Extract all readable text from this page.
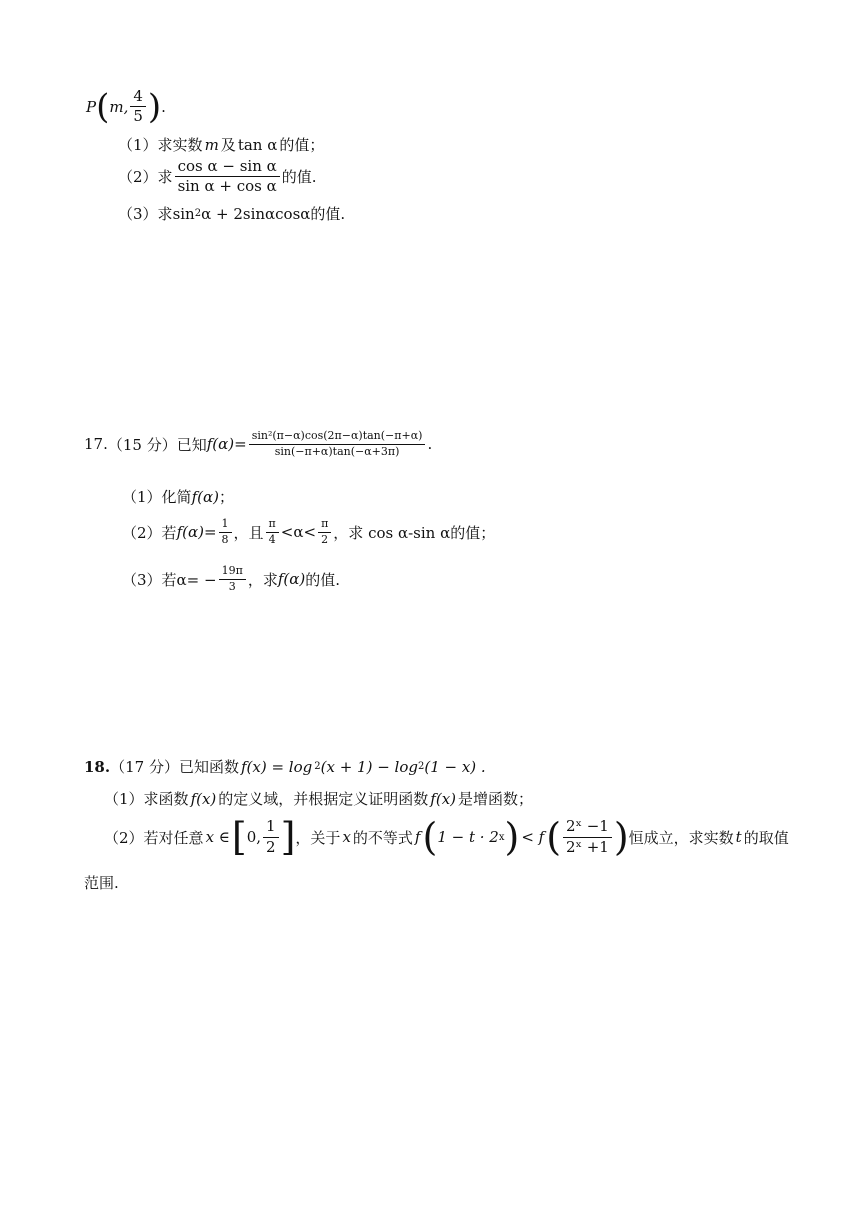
P ( m, $\frac{4}{5}$ ) .
（1） 求实数 m 及 tan α 的值；
（2） 求 $\frac{\text{cos α − sin α}}{\text{sin α + cos α}}$ 的值.
（3） 求 sin 2 α + 2sinαcosα 的值.
17. （15 分） 已知 $f(\alpha)= \frac{\text{sin²(π−α)cos(2π−α)tan(−π+α)}}{\sin(-\pi+\alpha)\tan(-\alpha+3\pi)}$ .
（1） 化简 f(α) ；
（2） 若 $f(\alpha)= \frac{1}{8}$ ，且 $\frac{\pi}{4} <\alpha< \frac{\pi}{2}$ ，求 cos α-sin α的值；
（3） 若$\alpha= - \frac{19\pi}{3}$ ，求 f(α) 的值.
18. （17 分） 已知函数 f(x) = log 2 (x + 1) − log 2 (1 − x) .
（1） 求函数 f(x) 的定义域，并根据定义证明函数 f(x) 是增函数；
（2） 若对任意 x ∈ [ 0, $\frac{1}{2}$ ] ，关于 x 的不等式 f ( 1 − t · 2 x ) < f ( $\frac{\text{2ˣ −1}}{\text{2ˣ +1}}$ ) 恒成立，求实数 t 的取值
范围.
